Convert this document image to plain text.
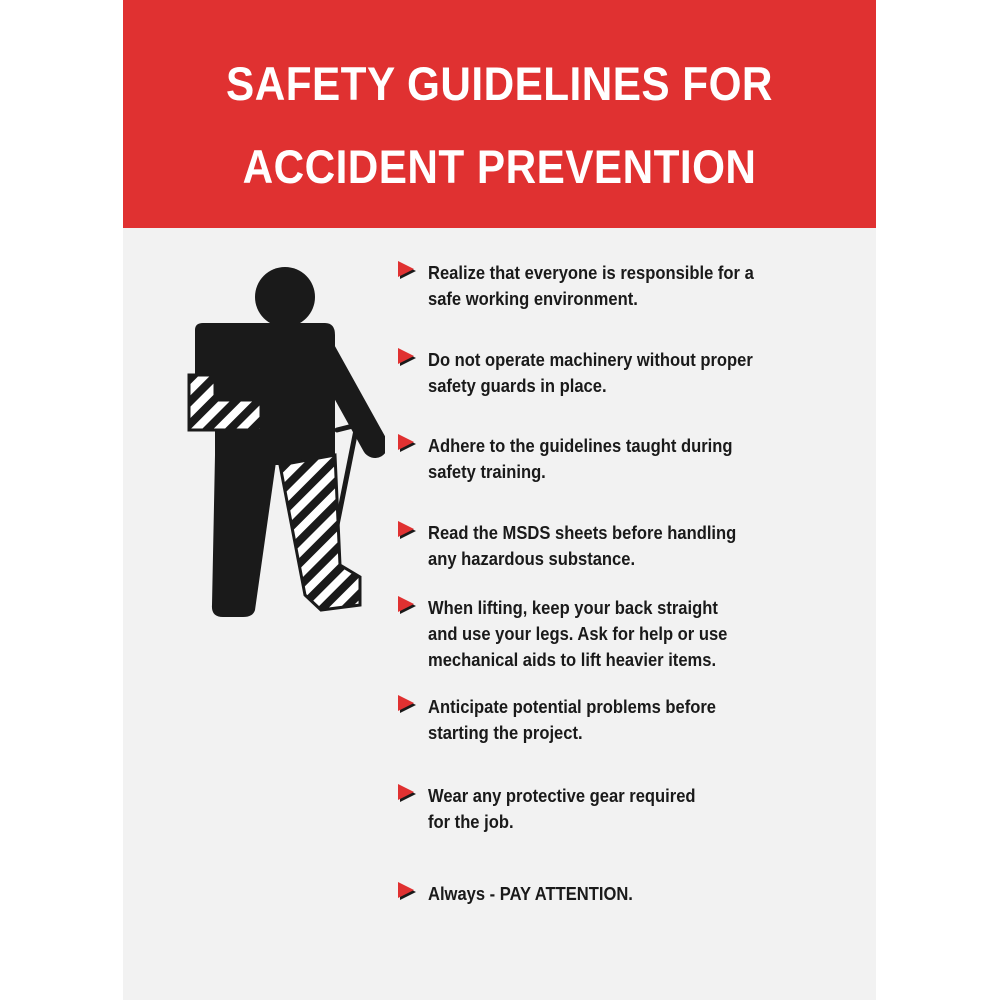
SAFETY GUIDELINES FOR
ACCIDENT PREVENTION
Realize that everyone is responsible for a
safe working environment.
Do not operate machinery without proper
safety guards in place.
Adhere to the guidelines taught during
safety training.
Read the MSDS sheets before handling
any hazardous substance.
When lifting, keep your back straight
and use your legs. Ask for help or use
mechanical aids to lift heavier items.
Anticipate potential problems before
starting the project.
Wear any protective gear required
for the job.
Always - PAY ATTENTION.
